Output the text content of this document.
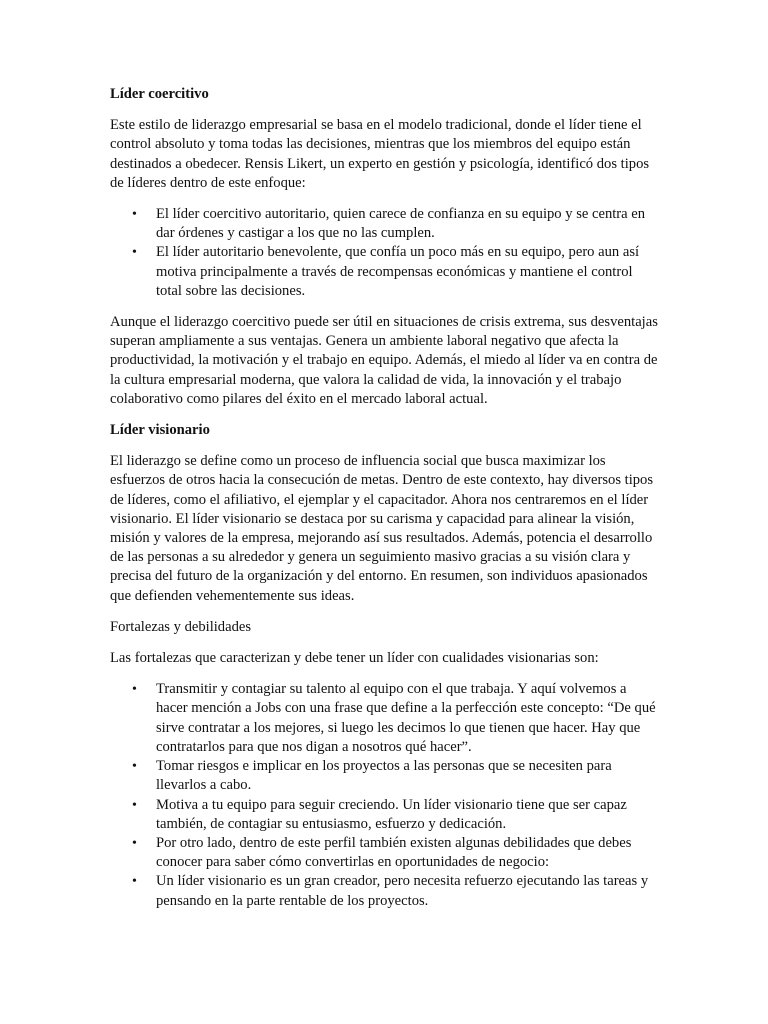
Líder coercitivo

Este estilo de liderazgo empresarial se basa en el modelo tradicional, donde el líder tiene el control absoluto y toma todas las decisiones, mientras que los miembros del equipo están destinados a obedecer. Rensis Likert, un experto en gestión y psicología, identificó dos tipos de líderes dentro de este enfoque:

• El líder coercitivo autoritario, quien carece de confianza en su equipo y se centra en dar órdenes y castigar a los que no las cumplen.
• El líder autoritario benevolente, que confía un poco más en su equipo, pero aun así motiva principalmente a través de recompensas económicas y mantiene el control total sobre las decisiones.

Aunque el liderazgo coercitivo puede ser útil en situaciones de crisis extrema, sus desventajas superan ampliamente a sus ventajas. Genera un ambiente laboral negativo que afecta la productividad, la motivación y el trabajo en equipo. Además, el miedo al líder va en contra de la cultura empresarial moderna, que valora la calidad de vida, la innovación y el trabajo colaborativo como pilares del éxito en el mercado laboral actual.

Líder visionario

El liderazgo se define como un proceso de influencia social que busca maximizar los esfuerzos de otros hacia la consecución de metas. Dentro de este contexto, hay diversos tipos de líderes, como el afiliativo, el ejemplar y el capacitador. Ahora nos centraremos en el líder visionario. El líder visionario se destaca por su carisma y capacidad para alinear la visión, misión y valores de la empresa, mejorando así sus resultados. Además, potencia el desarrollo de las personas a su alrededor y genera un seguimiento masivo gracias a su visión clara y precisa del futuro de la organización y del entorno. En resumen, son individuos apasionados que defienden vehementemente sus ideas.

Fortalezas y debilidades

Las fortalezas que caracterizan y debe tener un líder con cualidades visionarias son:

• Transmitir y contagiar su talento al equipo con el que trabaja. Y aquí volvemos a hacer mención a Jobs con una frase que define a la perfección este concepto: “De qué sirve contratar a los mejores, si luego les decimos lo que tienen que hacer. Hay que contratarlos para que nos digan a nosotros qué hacer”.
• Tomar riesgos e implicar en los proyectos a las personas que se necesiten para llevarlos a cabo.
• Motiva a tu equipo para seguir creciendo. Un líder visionario tiene que ser capaz también, de contagiar su entusiasmo, esfuerzo y dedicación.
• Por otro lado, dentro de este perfil también existen algunas debilidades que debes conocer para saber cómo convertirlas en oportunidades de negocio:
• Un líder visionario es un gran creador, pero necesita refuerzo ejecutando las tareas y pensando en la parte rentable de los proyectos.
